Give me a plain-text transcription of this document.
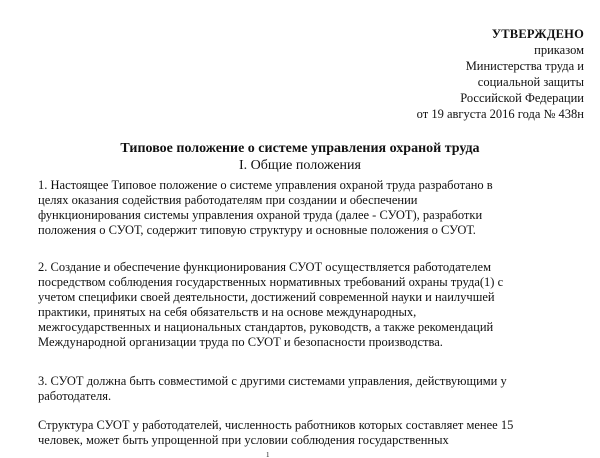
УТВЕРЖДЕНО
приказом
Министерства труда и
социальной защиты
Российской Федерации
от 19 августа 2016 года № 438н
Типовое положение о системе управления охраной труда
I. Общие положения
1. Настоящее Типовое положение о системе управления охраной труда разработано в
целях оказания содействия работодателям при создании и обеспечении
функционирования системы управления охраной труда (далее - СУОТ), разработки
положения о СУОТ, содержит типовую структуру и основные положения о СУОТ.
2. Создание и обеспечение функционирования СУОТ осуществляется работодателем
посредством соблюдения государственных нормативных требований охраны труда(1) с
учетом специфики своей деятельности, достижений современной науки и наилучшей
практики, принятых на себя обязательств и на основе международных,
межгосударственных и национальных стандартов, руководств, а также рекомендаций
Международной организации труда по СУОТ и безопасности производства.
3. СУОТ должна быть совместимой с другими системами управления, действующими у
работодателя.
Структура СУОТ у работодателей, численность работников которых составляет менее 15
человек, может быть упрощенной при условии соблюдения государственных
1
